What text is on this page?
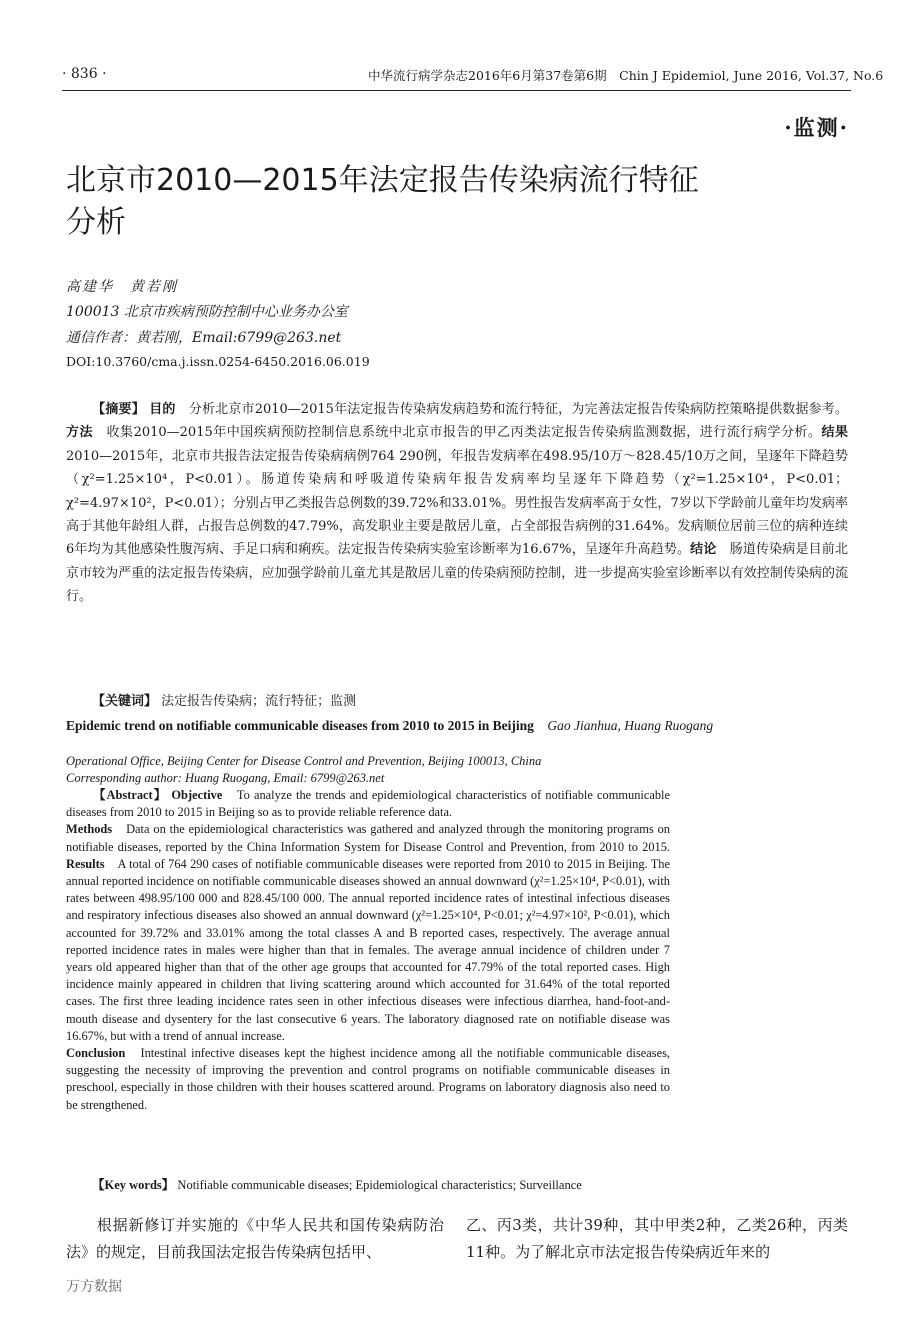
· 836 ·	中华流行病学杂志2016年6月第37卷第6期　Chin J Epidemiol, June 2016, Vol.37, No.6
·监测·
北京市2010—2015年法定报告传染病流行特征分析
高建华　黄若刚
100013 北京市疾病预防控制中心业务办公室
通信作者：黄若刚，Email:6799@263.net
DOI:10.3760/cma.j.issn.0254-6450.2016.06.019
【摘要】 目的　 分析北京市2010—2015年法定报告传染病发病趋势和流行特征，为完善法定报告传染病防控策略提供数据参考。方法　 收集2010—2015年中国疾病预防控制信息系统中北京市报告的甲乙丙类法定报告传染病监测数据，进行流行病学分析。结果　2010—2015年，北京市共报告法定报告传染病病例764 290例，年报告发病率在498.95/10万～828.45/10万之间，呈逐年下降趋势（χ²=1.25×10⁴，P<0.01）。肠道传染病和呼吸道传染病年报告发病率均呈逐年下降趋势（χ²=1.25×10⁴，P<0.01；χ²=4.97×10²，P<0.01）；分别占甲乙类报告总例数的39.72%和33.01%。男性报告发病率高于女性，7岁以下学龄前儿童年均发病率高于其他年龄组人群，占报告总例数的47.79%，高发职业主要是散居儿童，占全部报告病例的31.64%。发病顺位居前三位的病种连续6年均为其他感染性腹泻病、手足口病和痢疾。法定报告传染病实验室诊断率为16.67%，呈逐年升高趋势。结论　 肠道传染病是目前北京市较为严重的法定报告传染病，应加强学龄前儿童尤其是散居儿童的传染病预防控制，进一步提高实验室诊断率以有效控制传染病的流行。
【关键词】 法定报告传染病；流行特征；监测
Epidemic trend on notifiable communicable diseases from 2010 to 2015 in Beijing　 Gao Jianhua, Huang Ruogang
Operational Office, Beijing Center for Disease Control and Prevention, Beijing 100013, China
Corresponding author: Huang Ruogang, Email: 6799@263.net
【Abstract】 Objective　 To analyze the trends and epidemiological characteristics of notifiable communicable diseases from 2010 to 2015 in Beijing so as to provide reliable reference data.
Methods　 Data on the epidemiological characteristics was gathered and analyzed through the monitoring programs on notifiable diseases, reported by the China Information System for Disease Control and Prevention, from 2010 to 2015.　Results　 A total of 764 290 cases of notifiable communicable diseases were reported from 2010 to 2015 in Beijing. The annual reported incidence on notifiable communicable diseases showed an annual downward (χ²=1.25×10⁴, P<0.01), with rates between 498.95/100 000 and 828.45/100 000. The annual reported incidence rates of intestinal infectious diseases and respiratory infectious diseases also showed an annual downward (χ²=1.25×10⁴, P<0.01; χ²=4.97×10², P<0.01), which accounted for 39.72% and 33.01% among the total classes A and B reported cases, respectively. The average annual reported incidence rates in males were higher than that in females. The average annual incidence of children under 7 years old appeared higher than that of the other age groups that accounted for 47.79% of the total reported cases. High incidence mainly appeared in children that living scattering around which accounted for 31.64% of the total reported cases. The first three leading incidence rates seen in other infectious diseases were infectious diarrhea, hand-foot-and-mouth disease and dysentery for the last consecutive 6 years. The laboratory diagnosed rate on notifiable disease was 16.67%, but with a trend of annual increase.
Conclusion　 Intestinal infective diseases kept the highest incidence among all the notifiable communicable diseases, suggesting the necessity of improving the prevention and control programs on notifiable communicable diseases in preschool, especially in those children with their houses scattered around. Programs on laboratory diagnosis also need to be strengthened.
【Key words】 Notifiable communicable diseases; Epidemiological characteristics; Surveillance
根据新修订并实施的《中华人民共和国传染病防治法》的规定，目前我国法定报告传染病包括甲、
乙、丙3类，共计39种，其中甲类2种，乙类26种，丙类11种。为了解北京市法定报告传染病近年来的
万方数据
